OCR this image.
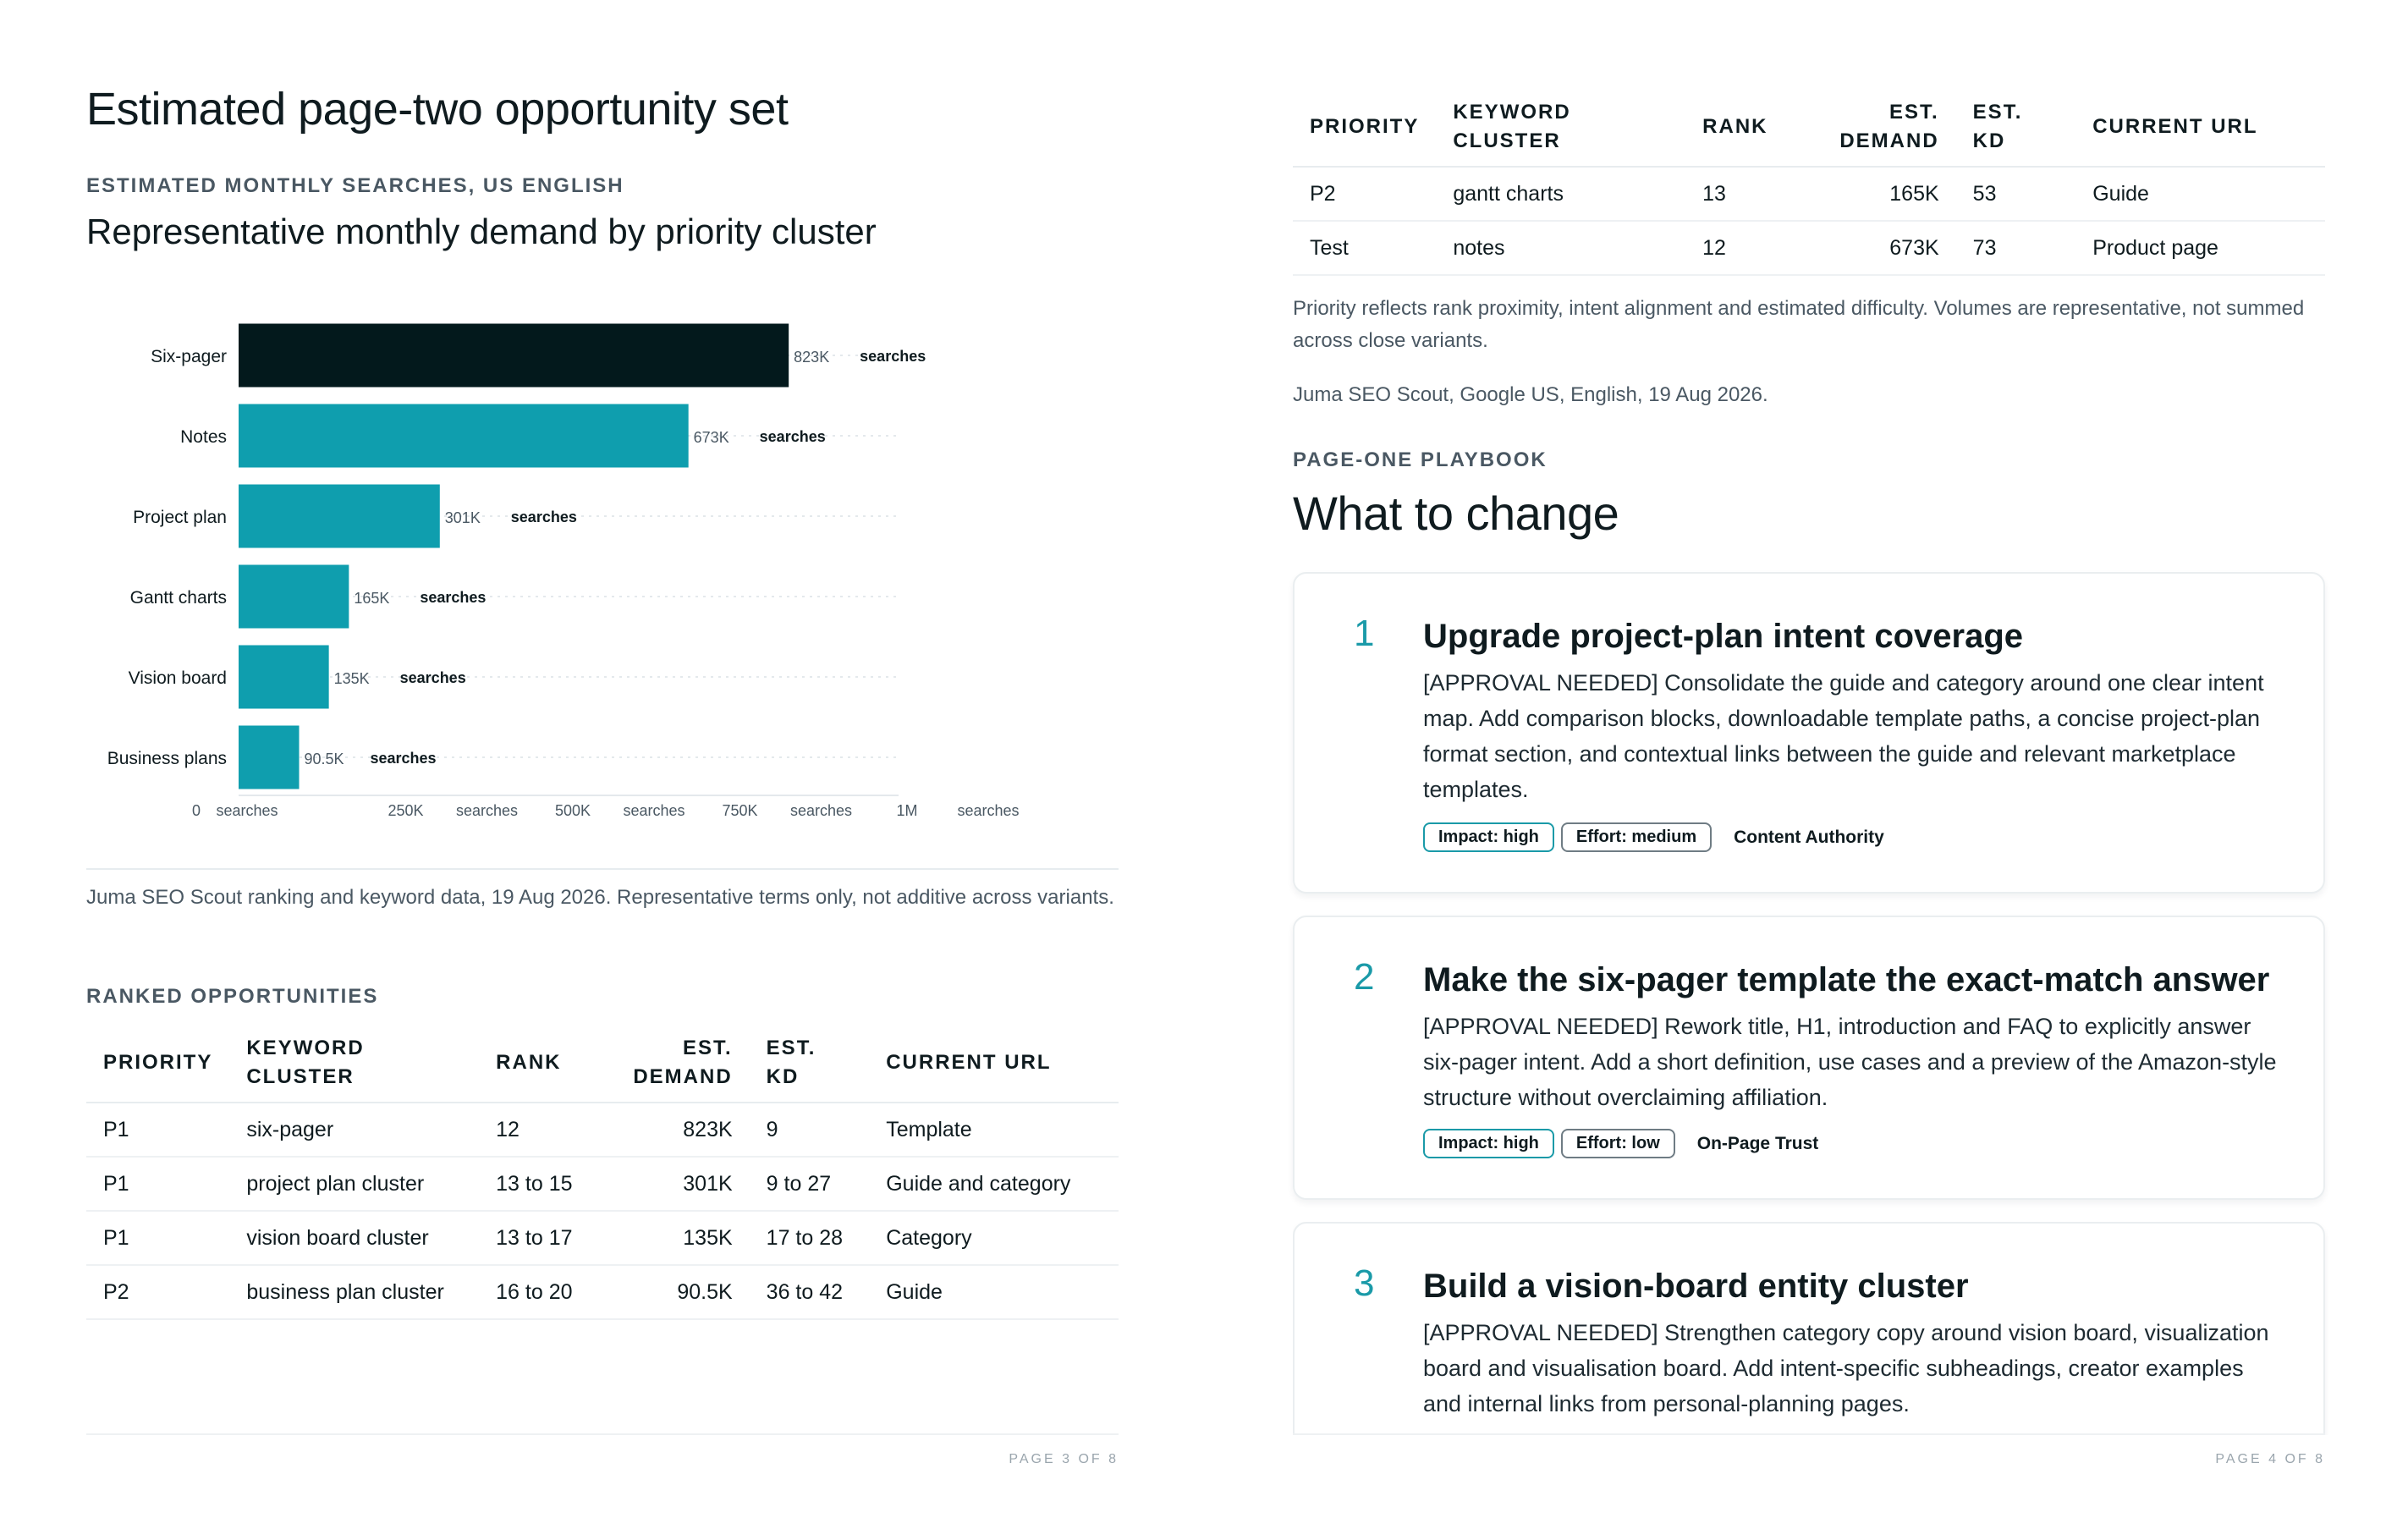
Estimated page-two opportunity set
ESTIMATED MONTHLY SEARCHES, US ENGLISH
Representative monthly demand by priority cluster
Six-pager	823K searches
Notes	673K searches
Project plan	301K searches
Gantt charts	165K searches
Vision board	135K searches
Business plans	90.5K searches
0 searches	250K searches 500K searches 750K searches	1M	searches
Juma SEO Scout ranking and keyword data, 19 Aug 2026. Representative terms only, not additive across variants.
RANKED OPPORTUNITIES
PRIORITY	KEYWORD CLUSTER	RANK	EST. DEMAND	EST. KD	CURRENT URL
P1	six-pager	12	823K	9	Template
P1	project plan cluster	13 to 15	301K	9 to 27	Guide and category
P1	vision board cluster	13 to 17	135K	17 to 28	Category
P2	business plan cluster	16 to 20	90.5K	36 to 42	Guide
PAGE 3 OF 8
PRIORITY	KEYWORD CLUSTER	RANK	EST. DEMAND	EST. KD	CURRENT URL
P2	gantt charts	13	165K	53	Guide
Test	notes	12	673K	73	Product page
Priority reflects rank proximity, intent alignment and estimated difficulty. Volumes are representative, not summed across close variants.
Juma SEO Scout, Google US, English, 19 Aug 2026.
PAGE-ONE PLAYBOOK
What to change
1 Upgrade project-plan intent coverage
[APPROVAL NEEDED] Consolidate the guide and category around one clear intent map. Add comparison blocks, downloadable template paths, a concise project-plan format section, and contextual links between the guide and relevant marketplace templates.
Impact: high	Effort: medium	Content Authority
2 Make the six-pager template the exact-match answer
[APPROVAL NEEDED] Rework title, H1, introduction and FAQ to explicitly answer six-pager intent. Add a short definition, use cases and a preview of the Amazon-style structure without overclaiming affiliation.
Impact: high	Effort: low	On-Page Trust
3 Build a vision-board entity cluster
[APPROVAL NEEDED] Strengthen category copy around vision board, visualization board and visualisation board. Add intent-specific subheadings, creator examples and internal links from personal-planning pages.
PAGE 4 OF 8
